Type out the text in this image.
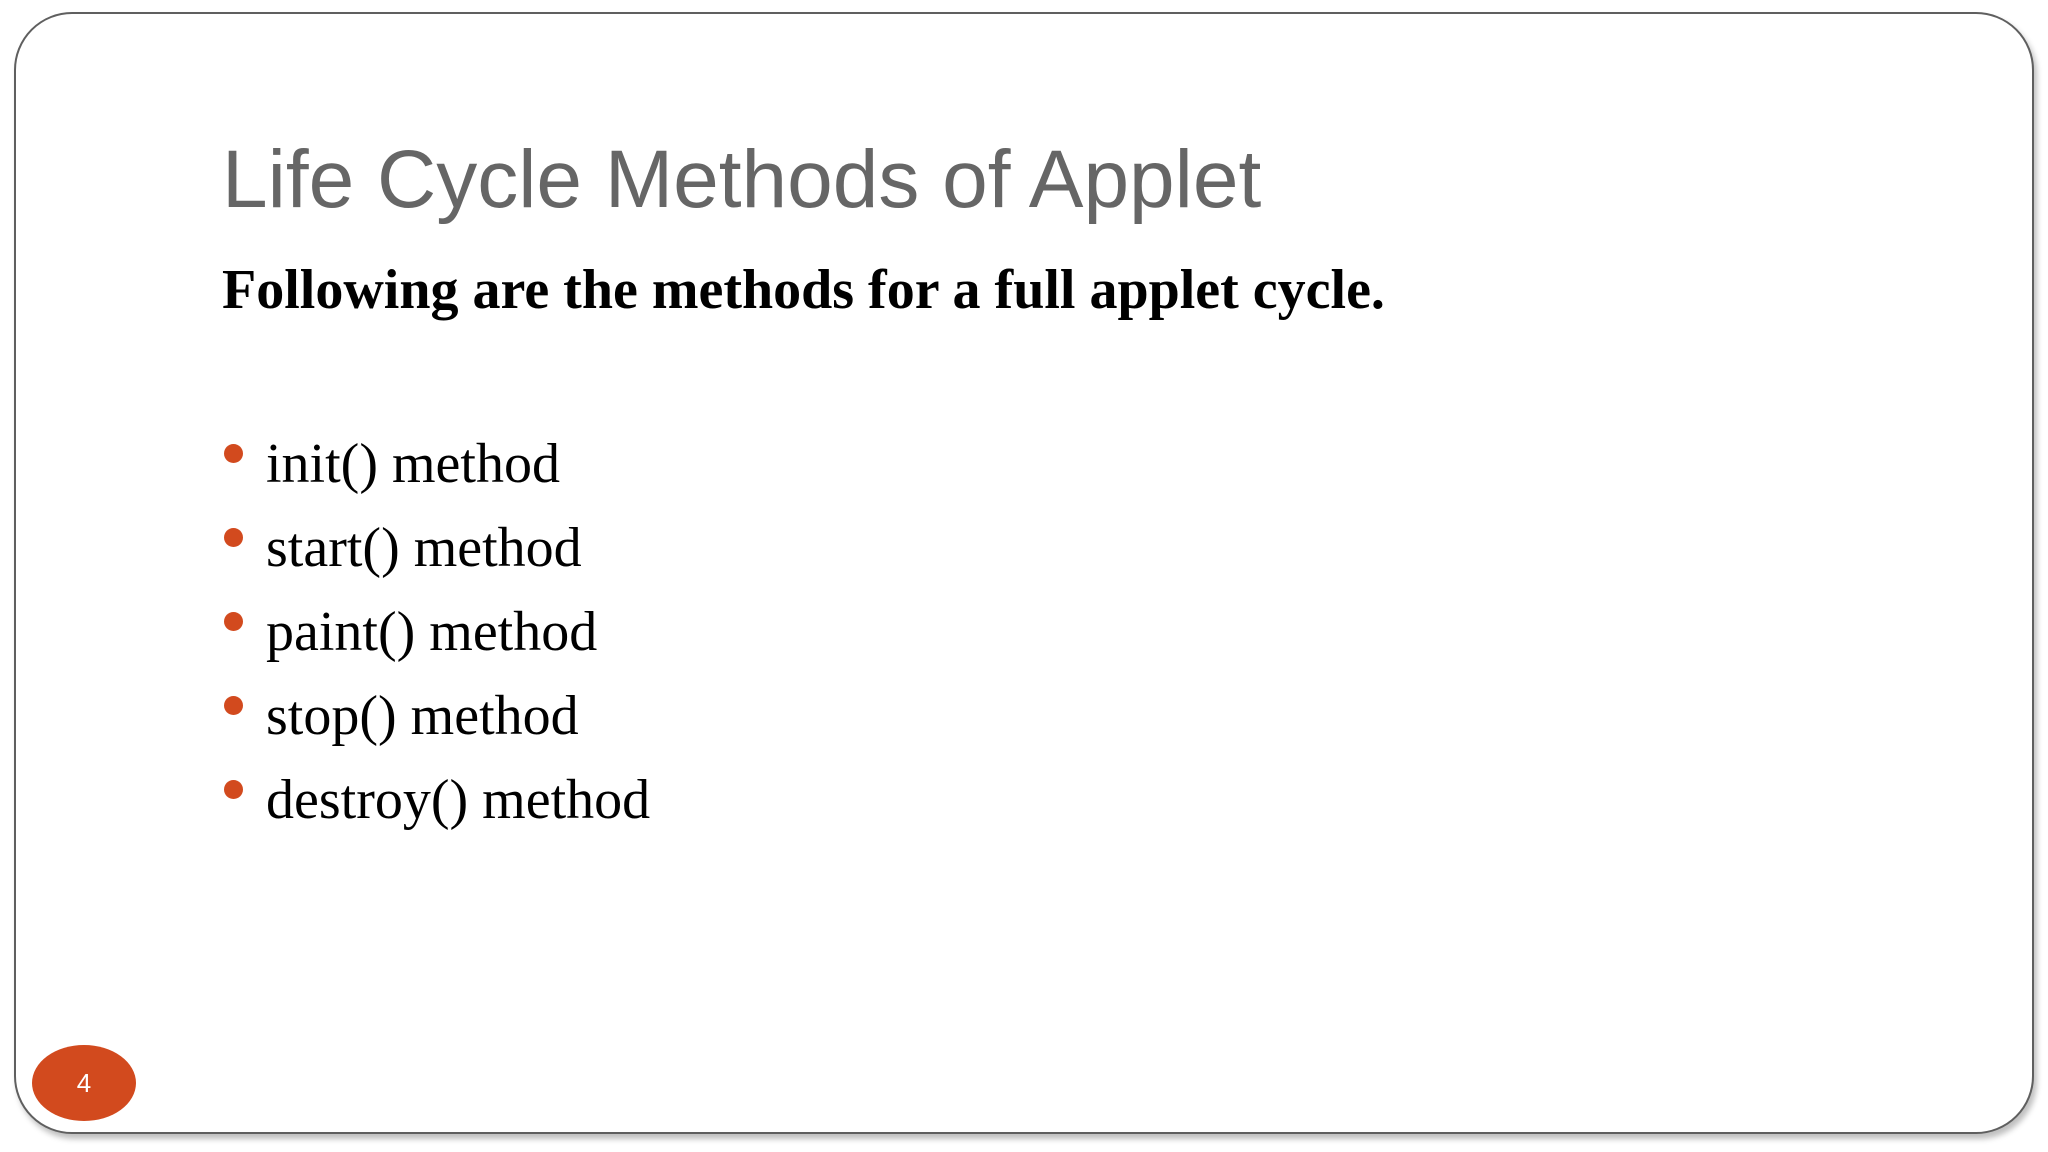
Life Cycle Methods of Applet

Following are the methods for a full applet cycle.

init() method
start() method
paint() method
stop() method
destroy() method
4
